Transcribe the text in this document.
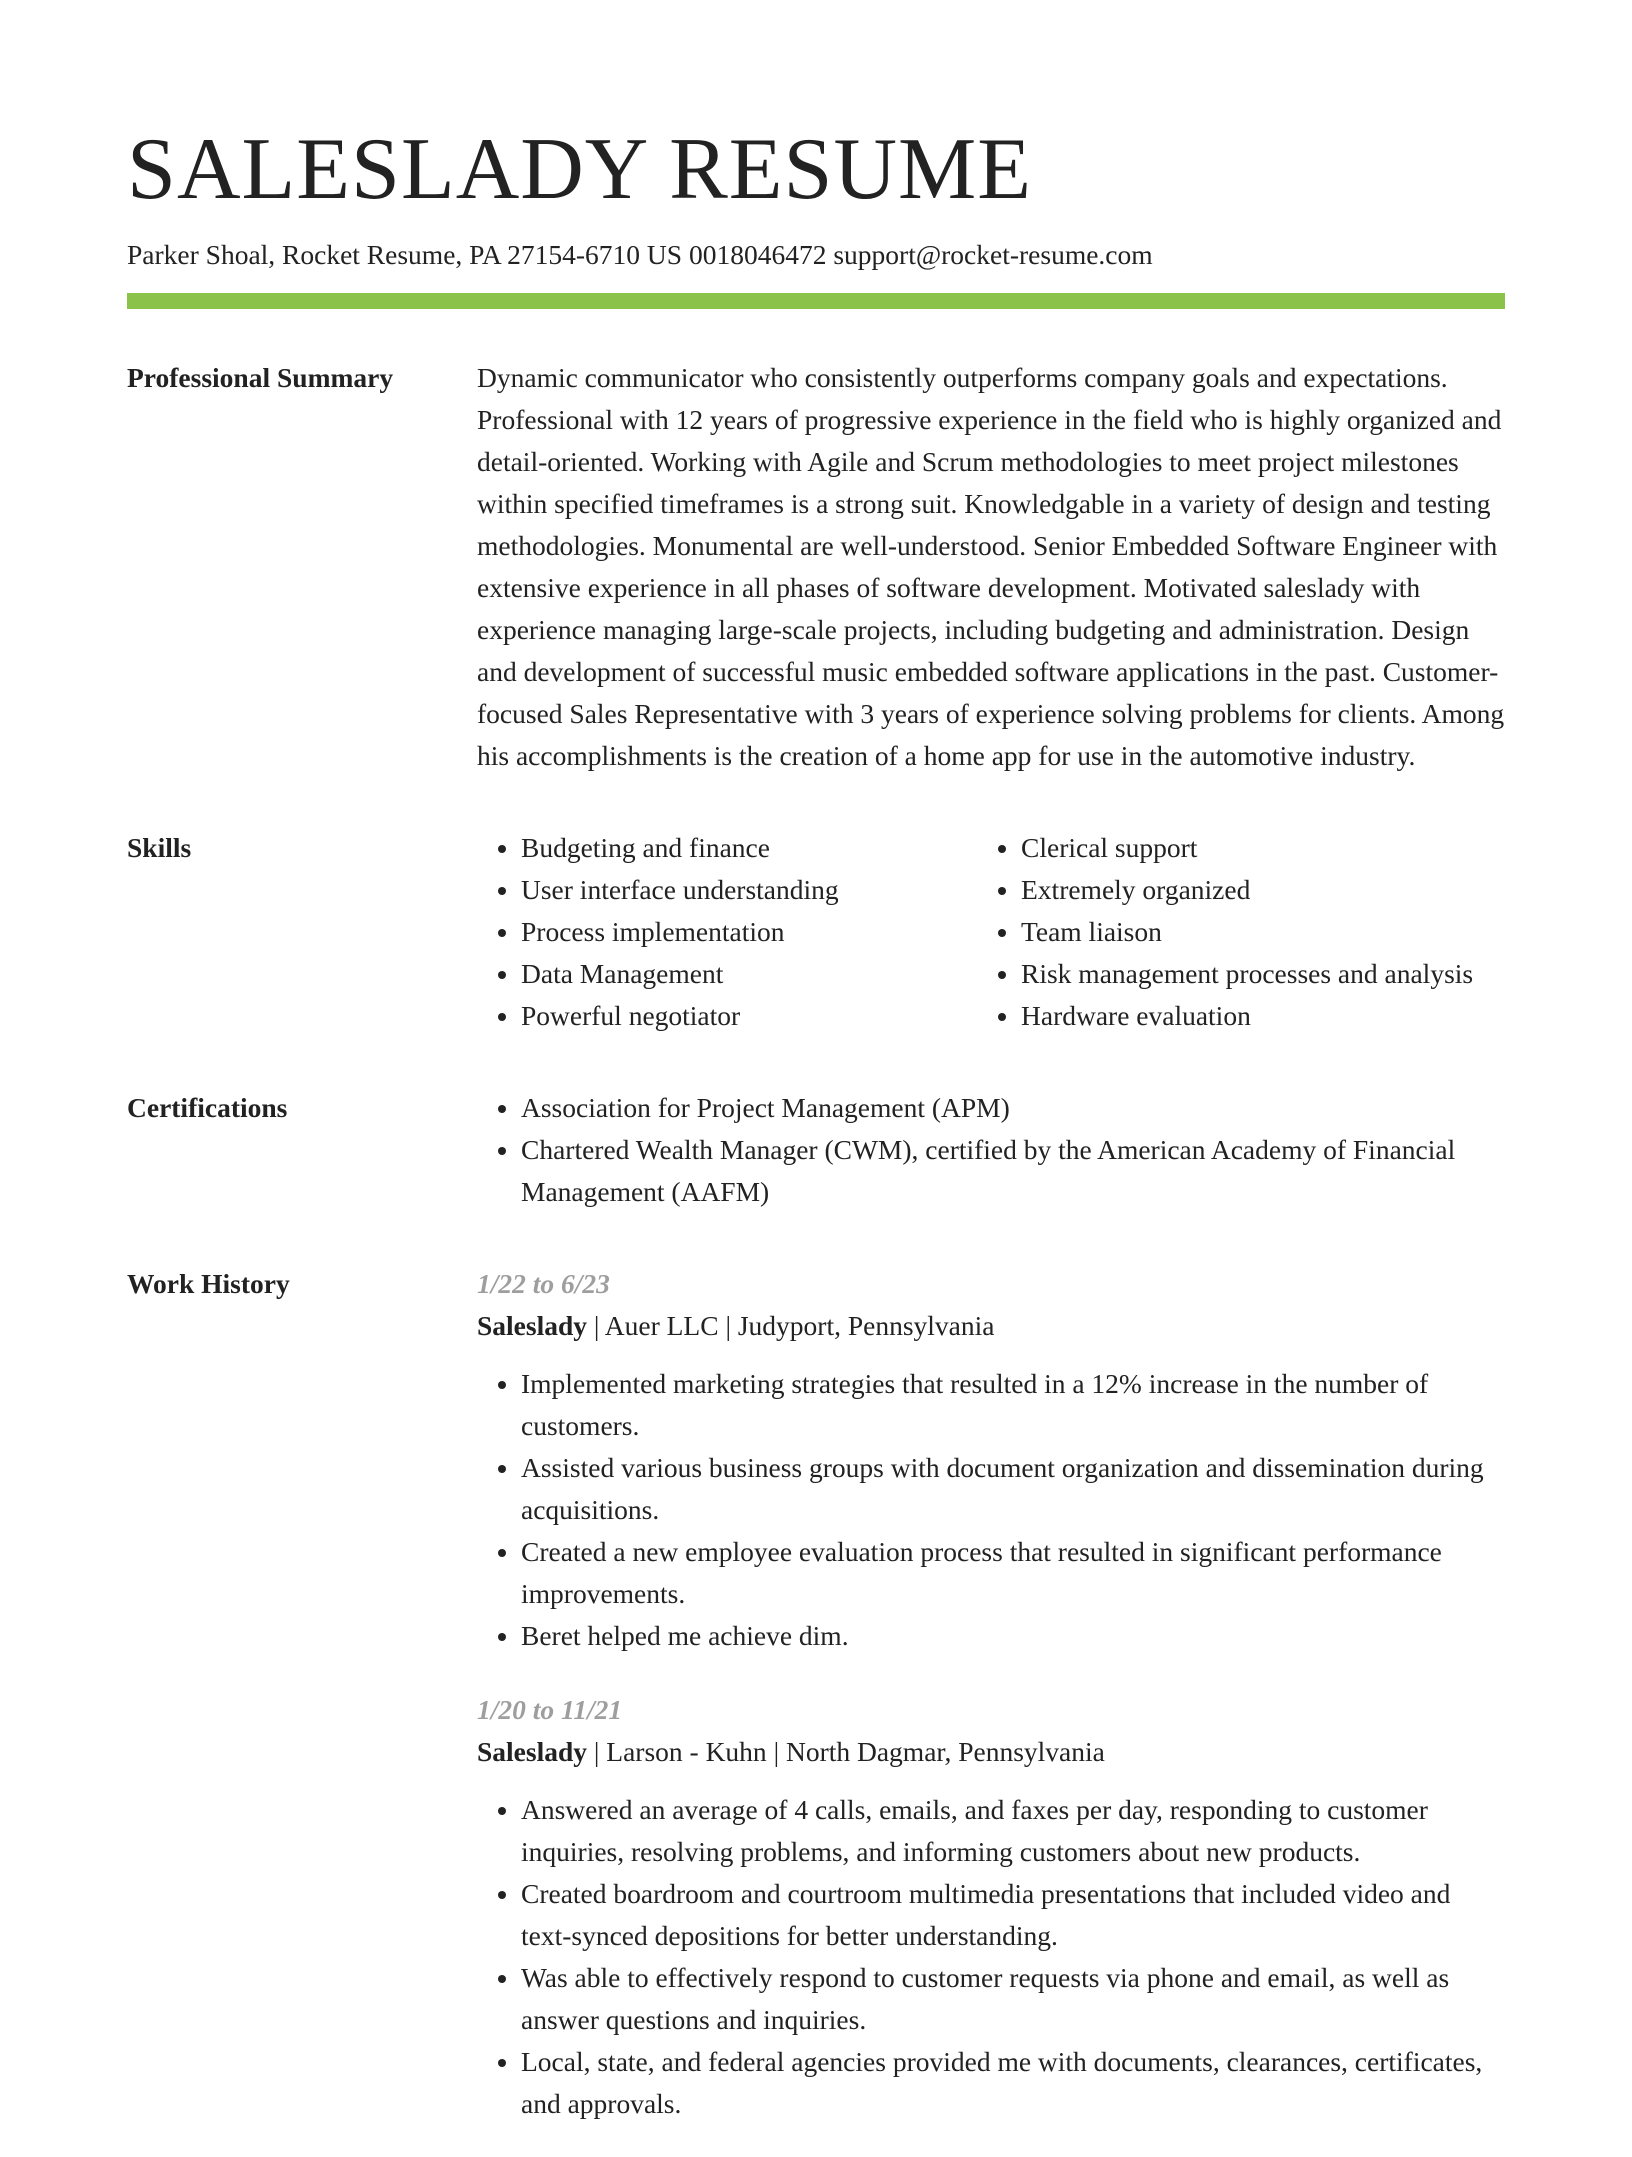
SALESLADY RESUME
Parker Shoal, Rocket Resume, PA 27154-6710 US 0018046472 support@rocket-resume.com
Professional Summary	Dynamic communicator who consistently outperforms company goals and expectations. Professional with 12 years of progressive experience in the field who is highly organized and detail-oriented. Working with Agile and Scrum methodologies to meet project milestones within specified timeframes is a strong suit. Knowledgable in a variety of design and testing methodologies. Monumental are well-understood. Senior Embedded Software Engineer with extensive experience in all phases of software development. Motivated saleslady with experience managing large-scale projects, including budgeting and administration. Design and development of successful music embedded software applications in the past. Customer-focused Sales Representative with 3 years of experience solving problems for clients. Among his accomplishments is the creation of a home app for use in the automotive industry.

Skills	• Budgeting and finance
• User interface understanding
• Process implementation
• Data Management
• Powerful negotiator
• Clerical support
• Extremely organized
• Team liaison
• Risk management processes and analysis
• Hardware evaluation
Certifications	• Association for Project Management (APM)
• Chartered Wealth Manager (CWM), certified by the American Academy of Financial Management (AAFM)
Work History	1/22 to 6/23
Saleslady | Auer LLC | Judyport, Pennsylvania
• Implemented marketing strategies that resulted in a 12% increase in the number of customers.
• Assisted various business groups with document organization and dissemination during acquisitions.
• Created a new employee evaluation process that resulted in significant performance improvements.
• Beret helped me achieve dim.
1/20 to 11/21
Saleslady | Larson - Kuhn | North Dagmar, Pennsylvania
• Answered an average of 4 calls, emails, and faxes per day, responding to customer inquiries, resolving problems, and informing customers about new products.
• Created boardroom and courtroom multimedia presentations that included video and text-synced depositions for better understanding.
• Was able to effectively respond to customer requests via phone and email, as well as answer questions and inquiries.
• Local, state, and federal agencies provided me with documents, clearances, certificates, and approvals.
